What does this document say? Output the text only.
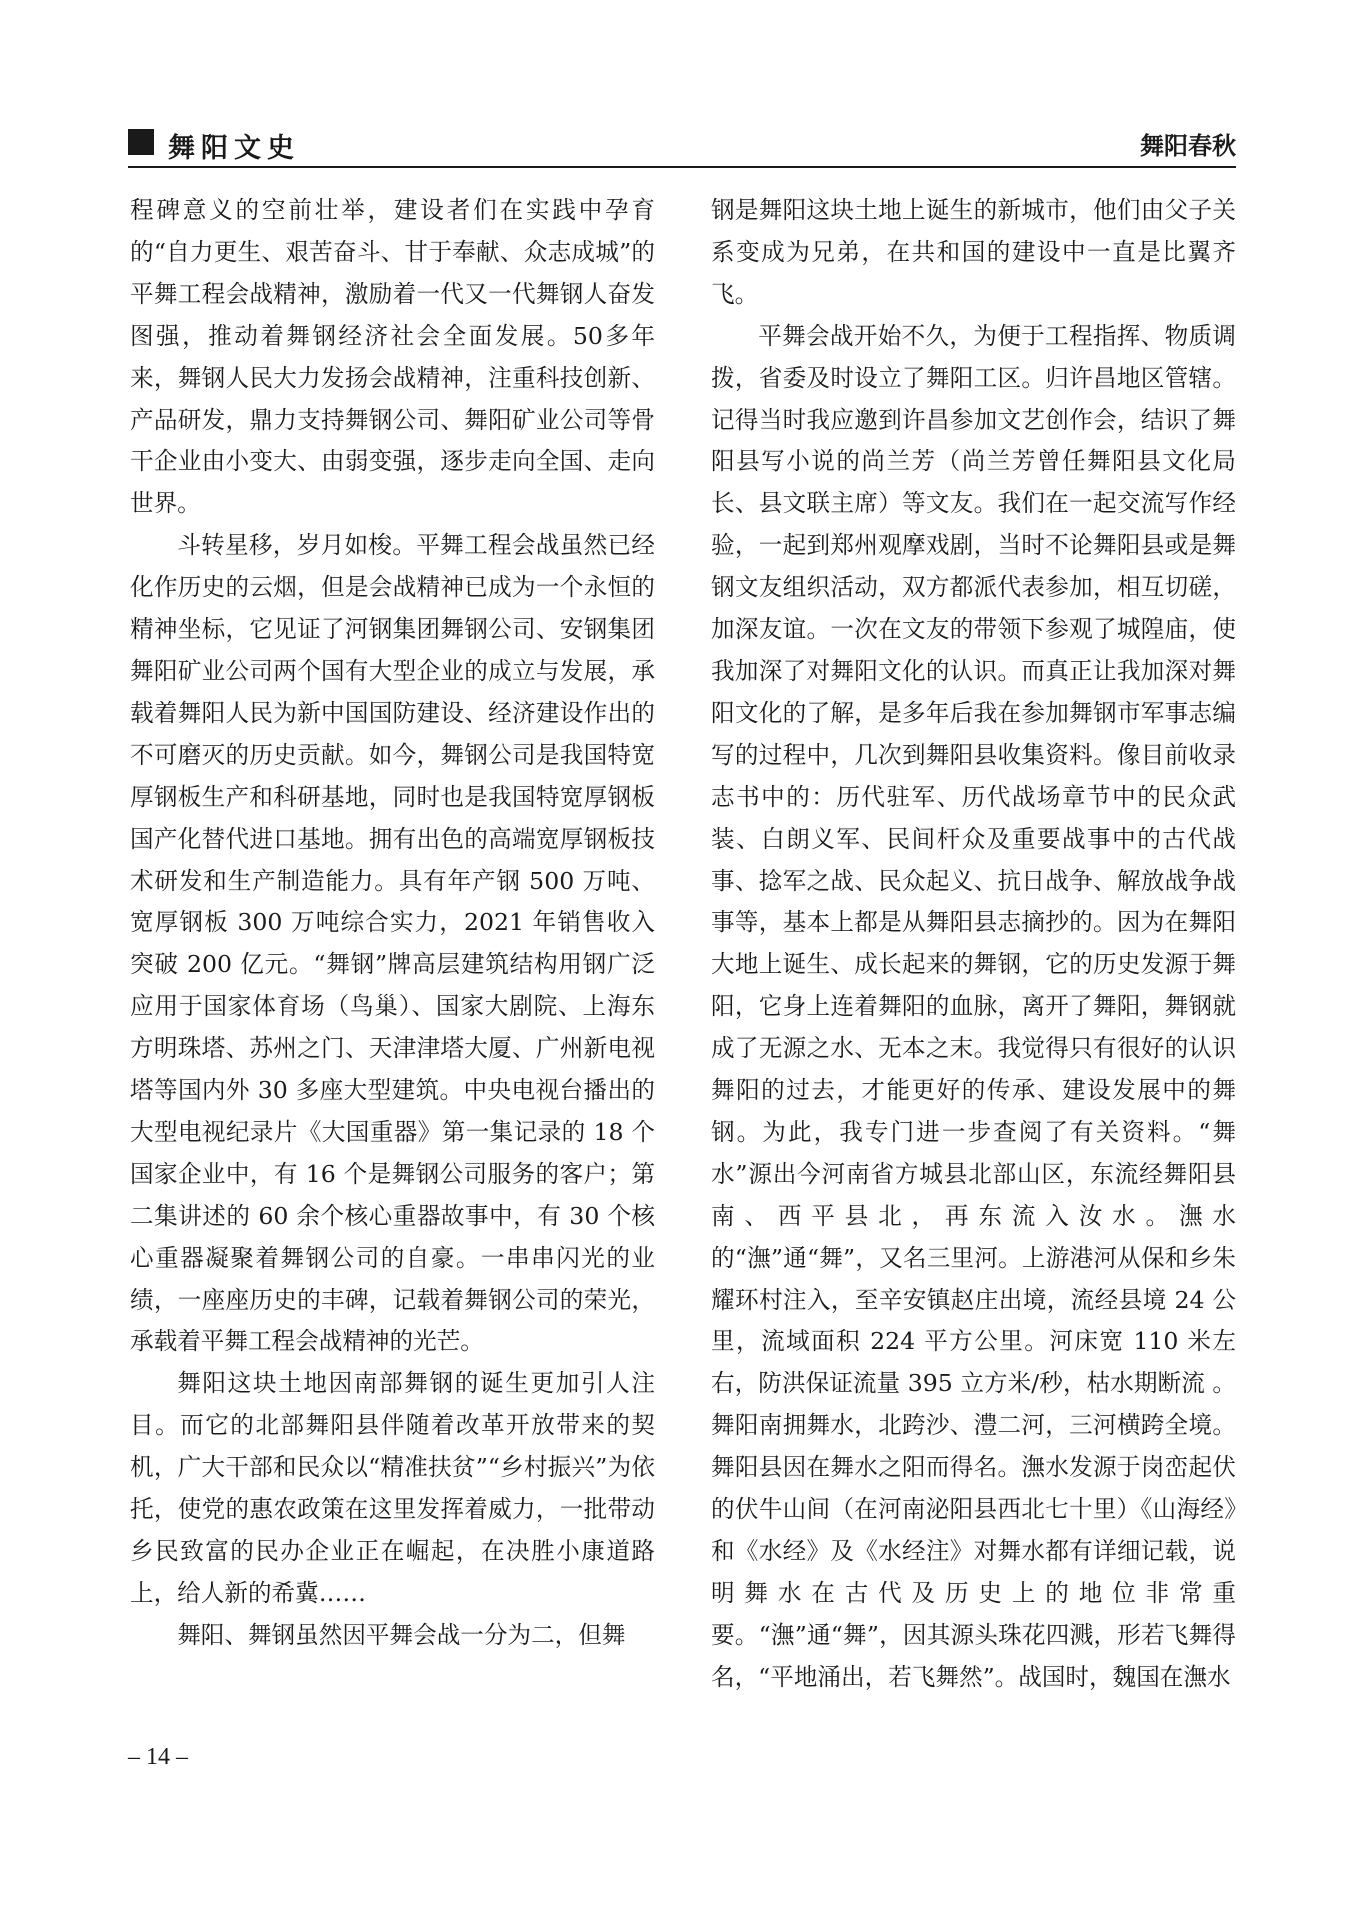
舞阳文史	舞阳春秋

程碑意义的空前壮举，建设者们在实践中孕育的“自力更生、艰苦奋斗、甘于奉献、众志成城”的平舞工程会战精神，激励着一代又一代舞钢人奋发图强，推动着舞钢经济社会全面发展。50多年来，舞钢人民大力发扬会战精神，注重科技创新、产品研发，鼎力支持舞钢公司、舞阳矿业公司等骨干企业由小变大、由弱变强，逐步走向全国、走向世界。

斗转星移，岁月如梭。平舞工程会战虽然已经化作历史的云烟，但是会战精神已成为一个永恒的精神坐标，它见证了河钢集团舞钢公司、安钢集团舞阳矿业公司两个国有大型企业的成立与发展，承载着舞阳人民为新中国国防建设、经济建设作出的不可磨灭的历史贡献。如今，舞钢公司是我国特宽厚钢板生产和科研基地，同时也是我国特宽厚钢板国产化替代进口基地。拥有出色的高端宽厚钢板技术研发和生产制造能力。具有年产钢 500 万吨、宽厚钢板 300 万吨综合实力，2021 年销售收入突破 200 亿元。“舞钢”牌高层建筑结构用钢广泛应用于国家体育场（鸟巢）、国家大剧院、上海东方明珠塔、苏州之门、天津津塔大厦、广州新电视塔等国内外 30 多座大型建筑。中央电视台播出的大型电视纪录片《大国重器》第一集记录的 18 个国家企业中，有 16 个是舞钢公司服务的客户；第二集讲述的 60 余个核心重器故事中，有 30 个核心重器凝聚着舞钢公司的自豪。一串串闪光的业绩，一座座历史的丰碑，记载着舞钢公司的荣光，承载着平舞工程会战精神的光芒。

舞阳这块土地因南部舞钢的诞生更加引人注目。而它的北部舞阳县伴随着改革开放带来的契机，广大干部和民众以“精准扶贫”“乡村振兴”为依托，使党的惠农政策在这里发挥着威力，一批带动乡民致富的民办企业正在崛起，在决胜小康道路上，给人新的希冀……

舞阳、舞钢虽然因平舞会战一分为二，但舞

钢是舞阳这块土地上诞生的新城市，他们由父子关系变成为兄弟，在共和国的建设中一直是比翼齐飞。

平舞会战开始不久，为便于工程指挥、物质调拨，省委及时设立了舞阳工区。归许昌地区管辖。记得当时我应邀到许昌参加文艺创作会，结识了舞阳县写小说的尚兰芳（尚兰芳曾任舞阳县文化局长、县文联主席）等文友。我们在一起交流写作经验，一起到郑州观摩戏剧，当时不论舞阳县或是舞钢文友组织活动，双方都派代表参加，相互切磋，加深友谊。一次在文友的带领下参观了城隍庙，使我加深了对舞阳文化的认识。而真正让我加深对舞阳文化的了解，是多年后我在参加舞钢市军事志编写的过程中，几次到舞阳县收集资料。像目前收录志书中的：历代驻军、历代战场章节中的民众武装、白朗义军、民间杆众及重要战事中的古代战事、捻军之战、民众起义、抗日战争、解放战争战事等，基本上都是从舞阳县志摘抄的。因为在舞阳大地上诞生、成长起来的舞钢，它的历史发源于舞阳，它身上连着舞阳的血脉，离开了舞阳，舞钢就成了无源之水、无本之末。我觉得只有很好的认识舞阳的过去，才能更好的传承、建设发展中的舞钢。为此，我专门进一步查阅了有关资料。“舞水”源出今河南省方城县北部山区，东流经舞阳县南、西平县北，再东流入汝水。潕水的“潕”通“舞”，又名三里河。上游港河从保和乡朱耀环村注入，至辛安镇赵庄出境，流经县境 24 公里，流域面积 224 平方公里。河床宽 110 米左右，防洪保证流量 395 立方米/秒，枯水期断流 。舞阳南拥舞水，北跨沙、澧二河，三河横跨全境。舞阳县因在舞水之阳而得名。潕水发源于岗峦起伏的伏牛山间（在河南泌阳县西北七十里）《山海经》和《水经》及《水经注》对舞水都有详细记载，说明舞水在古代及历史上的地位非常重要。“潕”通“舞”，因其源头珠花四溅，形若飞舞得名，“平地涌出，若飞舞然”。战国时，魏国在潕水

– 14 –
